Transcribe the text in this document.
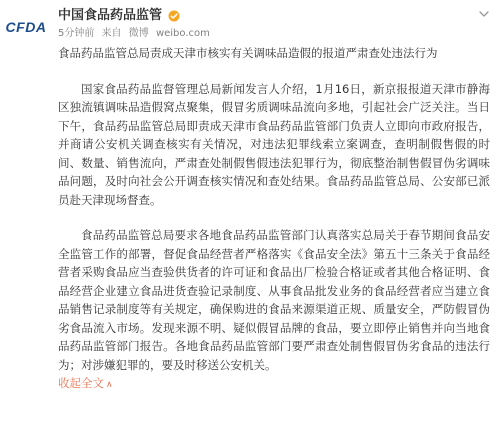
CFDA
中国食品药品监管
5分钟前 来自 微博 weibo.com

食品药品监管总局责成天津市核实有关调味品造假的报道严肃查处违法行为

国家食品药品监督管理总局新闻发言人介绍，1月16日，新京报报道天津市静海区独流镇调味品造假窝点聚集，假冒劣质调味品流向多地，引起社会广泛关注。当日下午，食品药品监管总局即责成天津市食品药品监管部门负责人立即向市政府报告，并商请公安机关调查核实有关情况，对违法犯罪线索立案调查，查明制假售假的时间、数量、销售流向，严肃查处制假售假违法犯罪行为，彻底整治制售假冒伪劣调味品问题，及时向社会公开调查核实情况和查处结果。食品药品监管总局、公安部已派员赴天津现场督查。

食品药品监管总局要求各地食品药品监管部门认真落实总局关于春节期间食品安全监管工作的部署，督促食品经营者严格落实《食品安全法》第五十三条关于食品经营者采购食品应当查验供货者的许可证和食品出厂检验合格证或者其他合格证明、食品经营企业建立食品进货查验记录制度、从事食品批发业务的食品经营者应当建立食品销售记录制度等有关规定，确保购进的食品来源渠道正规、质量安全，严防假冒伪劣食品流入市场。发现来源不明、疑似假冒品牌的食品，要立即停止销售并向当地食品药品监管部门报告。各地食品药品监管部门要严肃查处制售假冒伪劣食品的违法行为；对涉嫌犯罪的，要及时移送公安机关。

收起全文 ∧
